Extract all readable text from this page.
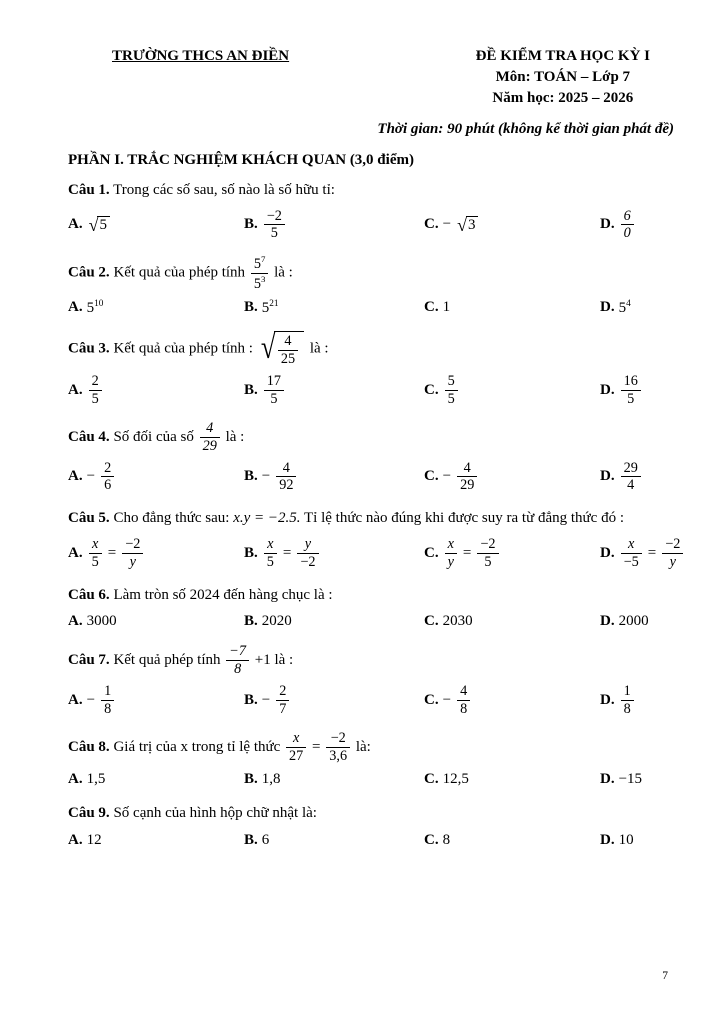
TRƯỜNG THCS AN ĐIỀN	ĐỀ KIỂM TRA HỌC KỲ I
Môn: TOÁN – Lớp 7
Năm học: 2025 – 2026
Thời gian: 90 phút (không kể thời gian phát đề)
PHẦN I. TRẮC NGHIỆM KHÁCH QUAN (3,0 điểm)

Câu 1. Trong các số sau, số nào là số hữu tỉ:

A. √ 5	B. $\frac{-2}{5}$	C. − √ 3	D. $\frac{6}{0}$

Câu 2. Kết quả của phép tính $\frac{5^7}{5^3}$ là :

A. $5^{10}$	B. $5^{21}$	C. 1	D. $5^4$

Câu 3. Kết quả của phép tính : √ $\frac{4}{25}$ là :

A. $\frac{2}{5}$	B. $\frac{17}{5}$	C. $\frac{5}{5}$	D. $\frac{16}{5}$

Câu 4. Số đối của số $\frac{4}{29}$ là :

A. − $\frac{2}{6}$	B. − $\frac{4}{92}$	C. − $\frac{4}{29}$	D. $\frac{29}{4}$

Câu 5. Cho đẳng thức sau: x.y = −2.5. Tỉ lệ thức nào đúng khi được suy ra từ đẳng thức đó :

A. $\frac{x}{5} = \frac{-2}{y}$	B. $\frac{x}{5} = \frac{y}{-2}$	C. $\frac{x}{y} = \frac{-2}{5}$	D. $\frac{x}{-5} = \frac{-2}{y}$

Câu 6. Làm tròn số 2024 đến hàng chục là :

A. 3000	B. 2020	C. 2030	D. 2000

Câu 7. Kết quả phép tính $\frac{-7}{8} +1$ là :

A. − $\frac{1}{8}$	B. − $\frac{2}{7}$	C. − $\frac{4}{8}$	D. $\frac{1}{8}$

Câu 8. Giá trị của x trong tỉ lệ thức $\frac{x}{27} = \frac{-2}{3,6}$ là:

A. 1,5	B. 1,8	C. 12,5	D. −15

Câu 9. Số cạnh của hình hộp chữ nhật là:

A. 12	B. 6	C. 8	D. 10
7
